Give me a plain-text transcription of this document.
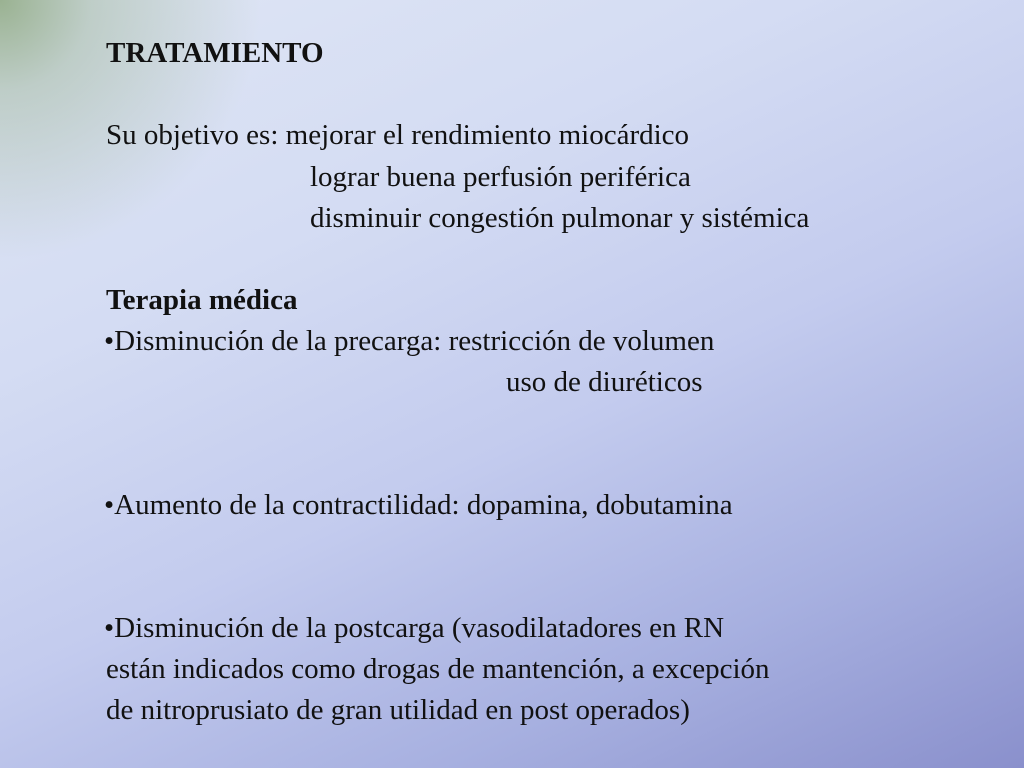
TRATAMIENTO
Su objetivo es: mejorar el rendimiento miocárdico
lograr buena perfusión periférica
disminuir congestión pulmonar y sistémica
Terapia médica
•Disminución de la precarga: restricción de volumen
uso de diuréticos
•Aumento de la contractilidad: dopamina, dobutamina
•Disminución de la postcarga (vasodilatadores en RN
están indicados como drogas de mantención, a excepción
de nitroprusiato de gran utilidad en post operados)
